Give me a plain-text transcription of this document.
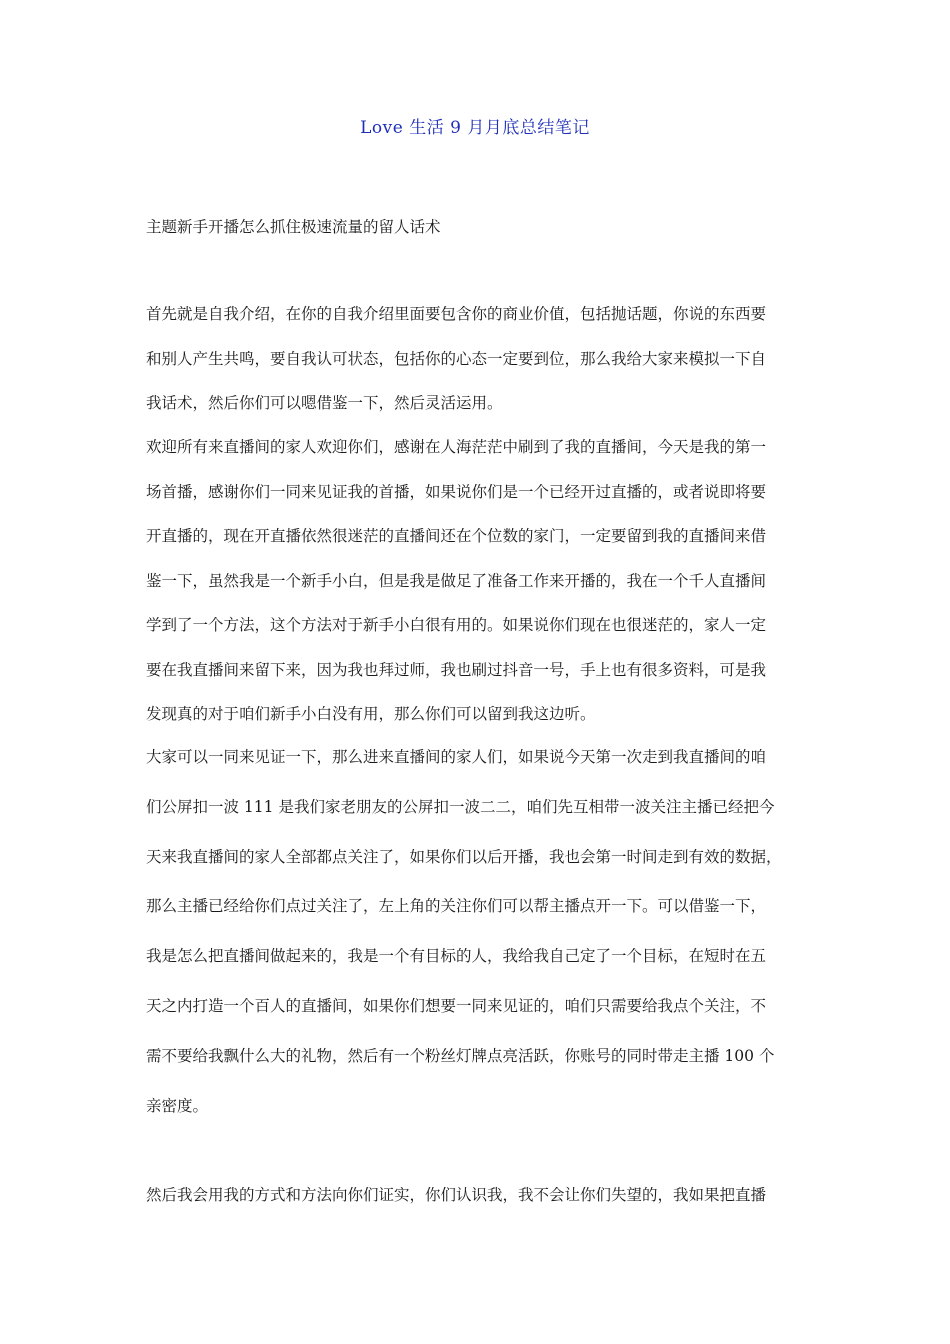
Love 生活 9 月月底总结笔记
主题新手开播怎么抓住极速流量的留人话术
首先就是自我介绍，在你的自我介绍里面要包含你的商业价值，包括抛话题，你说的东西要
和别人产生共鸣，要自我认可状态，包括你的心态一定要到位，那么我给大家来模拟一下自
我话术，然后你们可以嗯借鉴一下，然后灵活运用。
欢迎所有来直播间的家人欢迎你们，感谢在人海茫茫中刷到了我的直播间，今天是我的第一
场首播，感谢你们一同来见证我的首播，如果说你们是一个已经开过直播的，或者说即将要
开直播的，现在开直播依然很迷茫的直播间还在个位数的家门，一定要留到我的直播间来借
鉴一下，虽然我是一个新手小白，但是我是做足了准备工作来开播的，我在一个千人直播间
学到了一个方法，这个方法对于新手小白很有用的。如果说你们现在也很迷茫的，家人一定
要在我直播间来留下来，因为我也拜过师，我也刷过抖音一号，手上也有很多资料，可是我
发现真的对于咱们新手小白没有用，那么你们可以留到我这边听。
大家可以一同来见证一下，那么进来直播间的家人们，如果说今天第一次走到我直播间的咱
们公屏扣一波 111 是我们家老朋友的公屏扣一波二二，咱们先互相带一波关注主播已经把今
天来我直播间的家人全部都点关注了，如果你们以后开播，我也会第一时间走到有效的数据，
那么主播已经给你们点过关注了，左上角的关注你们可以帮主播点开一下。可以借鉴一下，
我是怎么把直播间做起来的，我是一个有目标的人，我给我自己定了一个目标，在短时在五
天之内打造一个百人的直播间，如果你们想要一同来见证的，咱们只需要给我点个关注，不
需不要给我飘什么大的礼物，然后有一个粉丝灯牌点亮活跃，你账号的同时带走主播 100 个
亲密度。
然后我会用我的方式和方法向你们证实，你们认识我，我不会让你们失望的，我如果把直播
